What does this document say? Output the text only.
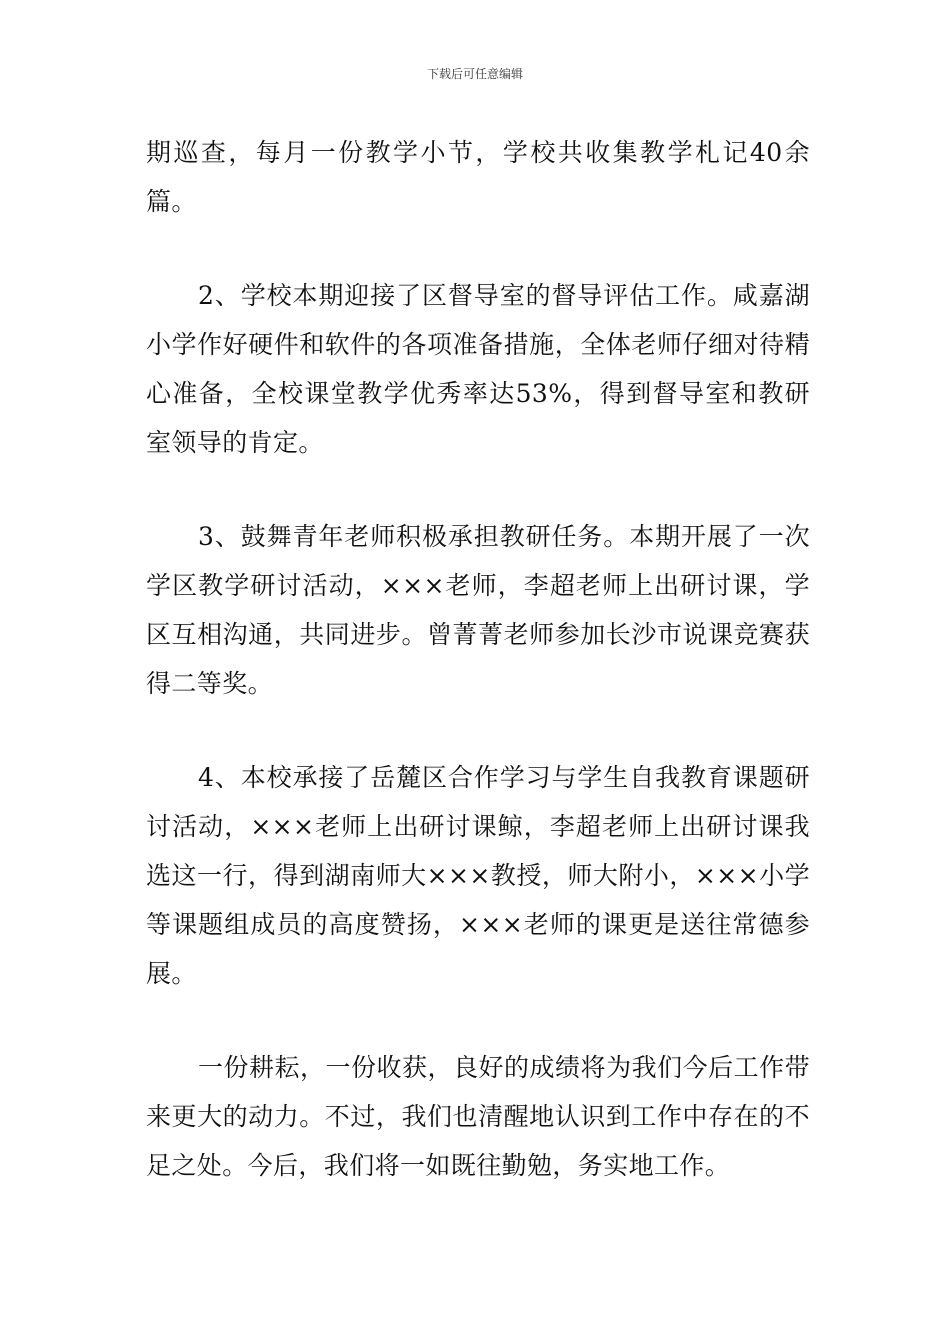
下载后可任意编辑

期巡查，每月一份教学小节，学校共收集教学札记40余篇。

2、学校本期迎接了区督导室的督导评估工作。咸嘉湖小学作好硬件和软件的各项准备措施，全体老师仔细对待精心准备，全校课堂教学优秀率达53%，得到督导室和教研室领导的肯定。

3、鼓舞青年老师积极承担教研任务。本期开展了一次学区教学研讨活动，×××老师，李超老师上出研讨课，学区互相沟通，共同进步。曾菁菁老师参加长沙市说课竞赛获得二等奖。

4、本校承接了岳麓区合作学习与学生自我教育课题研讨活动，×××老师上出研讨课鲸，李超老师上出研讨课我选这一行，得到湖南师大×××教授，师大附小，×××小学等课题组成员的高度赞扬，×××老师的课更是送往常德参展。

一份耕耘，一份收获，良好的成绩将为我们今后工作带来更大的动力。不过，我们也清醒地认识到工作中存在的不足之处。今后，我们将一如既往勤勉，务实地工作。
